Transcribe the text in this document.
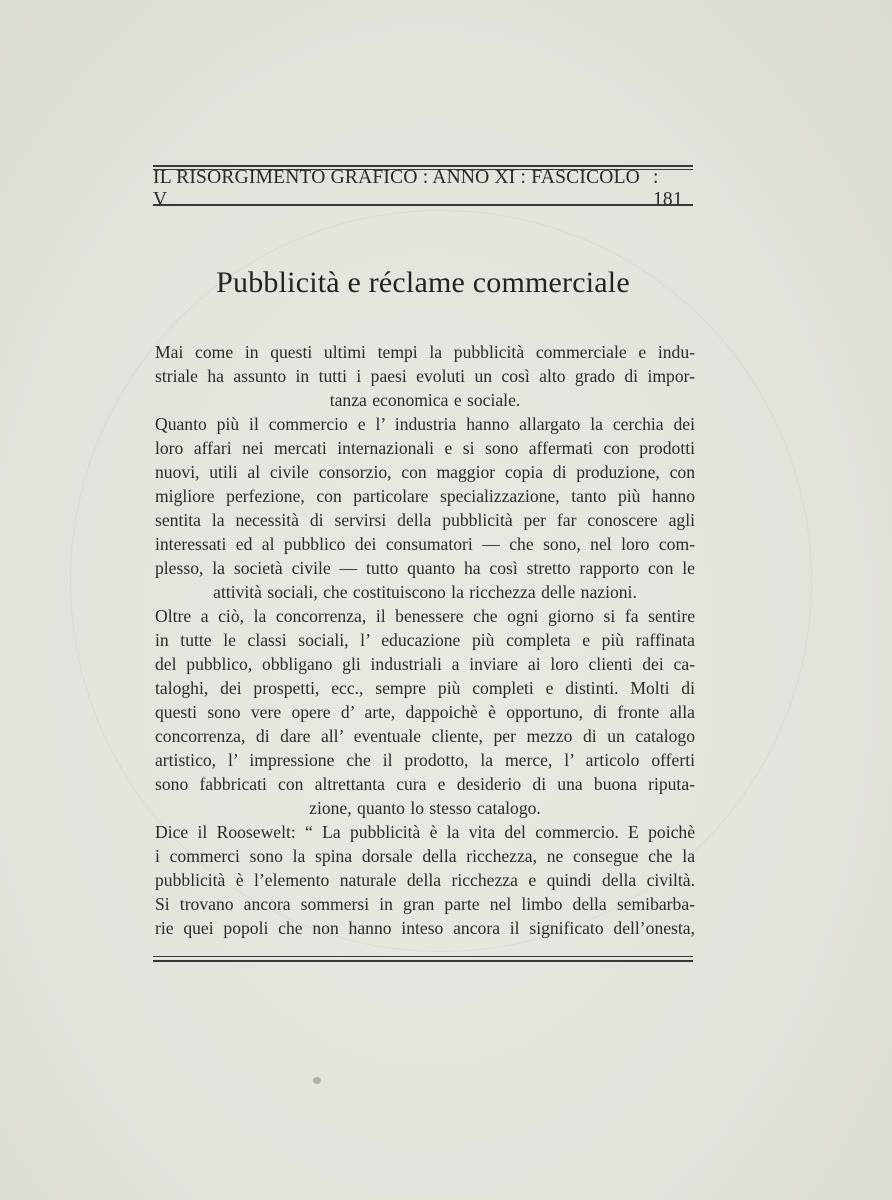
IL RISORGIMENTO GRAFICO : ANNO XI : FASCICOLO V
: 181
Pubblicità e réclame commerciale
Mai come in questi ultimi tempi la pubblicità commerciale e indu-
striale ha assunto in tutti i paesi evoluti un così alto grado di impor-
tanza economica e sociale.
Quanto più il commercio e l’ industria hanno allargato la cerchia dei
loro affari nei mercati internazionali e si sono affermati con prodotti
nuovi, utili al civile consorzio, con maggior copia di produzione, con
migliore perfezione, con particolare specializzazione, tanto più hanno
sentita la necessità di servirsi della pubblicità per far conoscere agli
interessati ed al pubblico dei consumatori — che sono, nel loro com-
plesso, la società civile — tutto quanto ha così stretto rapporto con le
attività sociali, che costituiscono la ricchezza delle nazioni.
Oltre a ciò, la concorrenza, il benessere che ogni giorno si fa sentire
in tutte le classi sociali, l’ educazione più completa e più raffinata
del pubblico, obbligano gli industriali a inviare ai loro clienti dei ca-
taloghi, dei prospetti, ecc., sempre più completi e distinti. Molti di
questi sono vere opere d’ arte, dappoichè è opportuno, di fronte alla
concorrenza, di dare all’ eventuale cliente, per mezzo di un catalogo
artistico, l’ impressione che il prodotto, la merce, l’ articolo offerti
sono fabbricati con altrettanta cura e desiderio di una buona riputa-
zione, quanto lo stesso catalogo.
Dice il Roosewelt: “ La pubblicità è la vita del commercio. E poichè
i commerci sono la spina dorsale della ricchezza, ne consegue che la
pubblicità è l’elemento naturale della ricchezza e quindi della civiltà.
Si trovano ancora sommersi in gran parte nel limbo della semibarba-
rie quei popoli che non hanno inteso ancora il significato dell’onesta,
